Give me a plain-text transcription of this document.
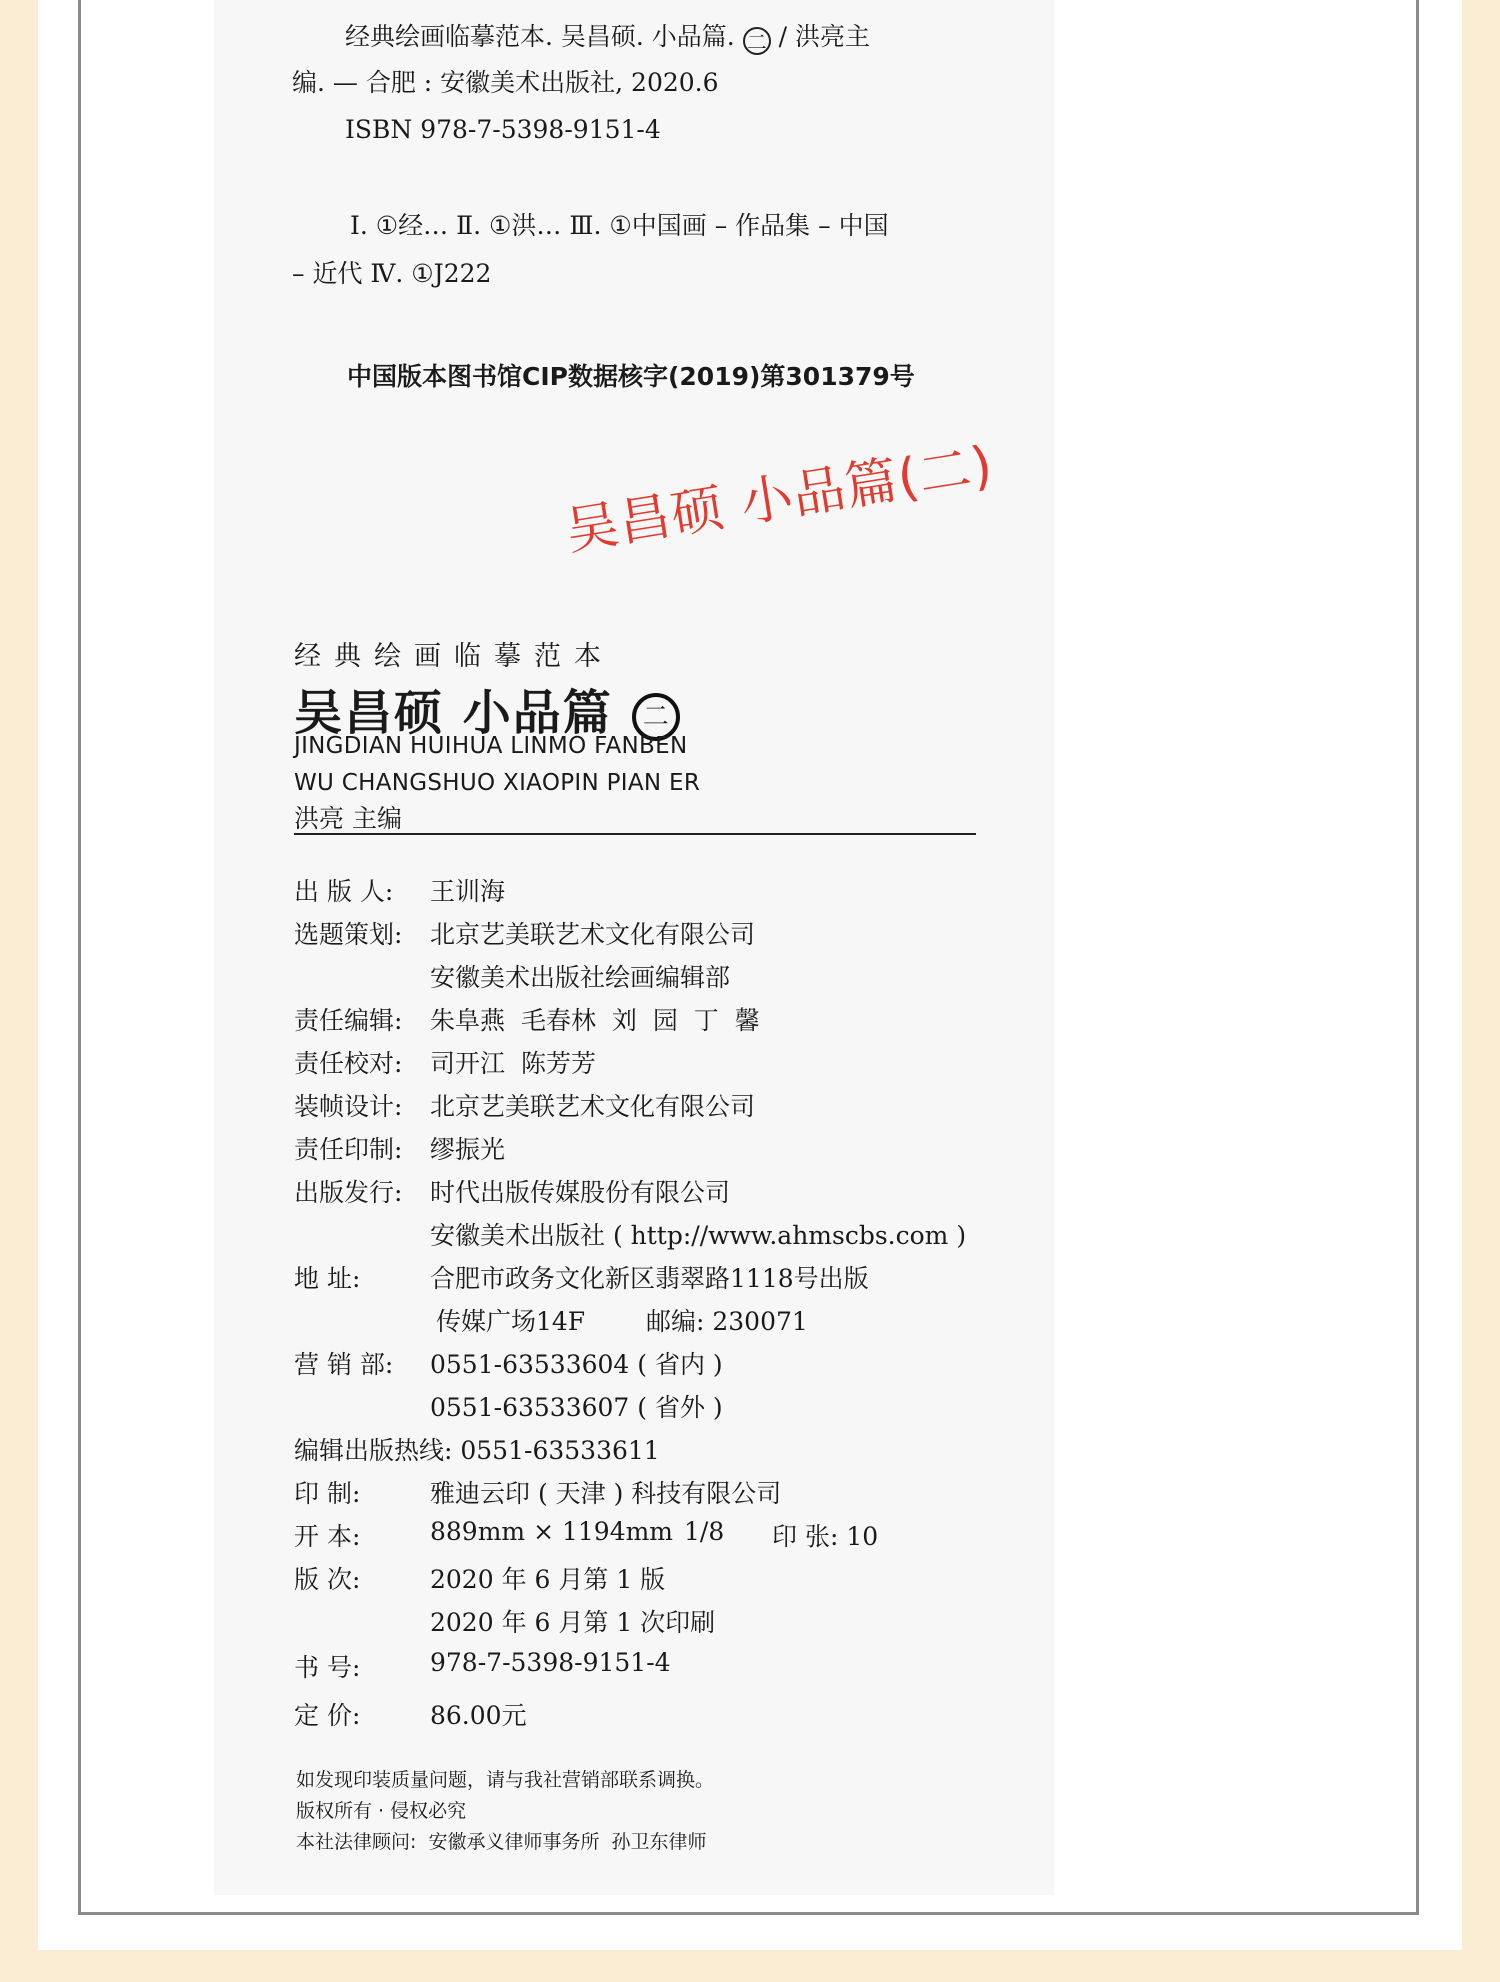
经典绘画临摹范本. 吴昌硕. 小品篇. 二 / 洪亮主
编. — 合肥 : 安徽美术出版社, 2020.6
ISBN 978-7-5398-9151-4
Ⅰ. ①经… Ⅱ. ①洪… Ⅲ. ①中国画 – 作品集 – 中国
– 近代 Ⅳ. ①J222
中国版本图书馆CIP数据核字(2019)第301379号
吴昌硕 小品篇(二)
经典绘画临摹范本
吴昌硕 小品篇 二
JINGDIAN HUIHUA LINMO FANBEN
WU CHANGSHUO XIAOPIN PIAN ER
洪亮 主编
出 版 人: 王训海
选题策划: 北京艺美联艺术文化有限公司
安徽美术出版社绘画编辑部
责任编辑: 朱阜燕 毛春林 刘 园 丁 馨
责任校对: 司开江 陈芳芳
装帧设计: 北京艺美联艺术文化有限公司
责任印制: 缪振光
出版发行: 时代出版传媒股份有限公司
安徽美术出版社 ( http://www.ahmscbs.com )
地 址:	合肥市政务文化新区翡翠路1118号出版
传媒广场14F 邮编: 230071
营 销 部: 0551-63533604 ( 省内 )
0551-63533607 ( 省外 )
编辑出版热线: 0551-63533611
印 制:	雅迪云印 ( 天津 ) 科技有限公司
开 本:	889mm × 1194mm 1/8 印 张: 10
版 次:	2020 年 6 月第 1 版
2020 年 6 月第 1 次印刷
书 号:	978-7-5398-9151-4
定 价:	86.00元
如发现印装质量问题，请与我社营销部联系调换。
版权所有 · 侵权必究
本社法律顾问: 安徽承义律师事务所 孙卫东律师
